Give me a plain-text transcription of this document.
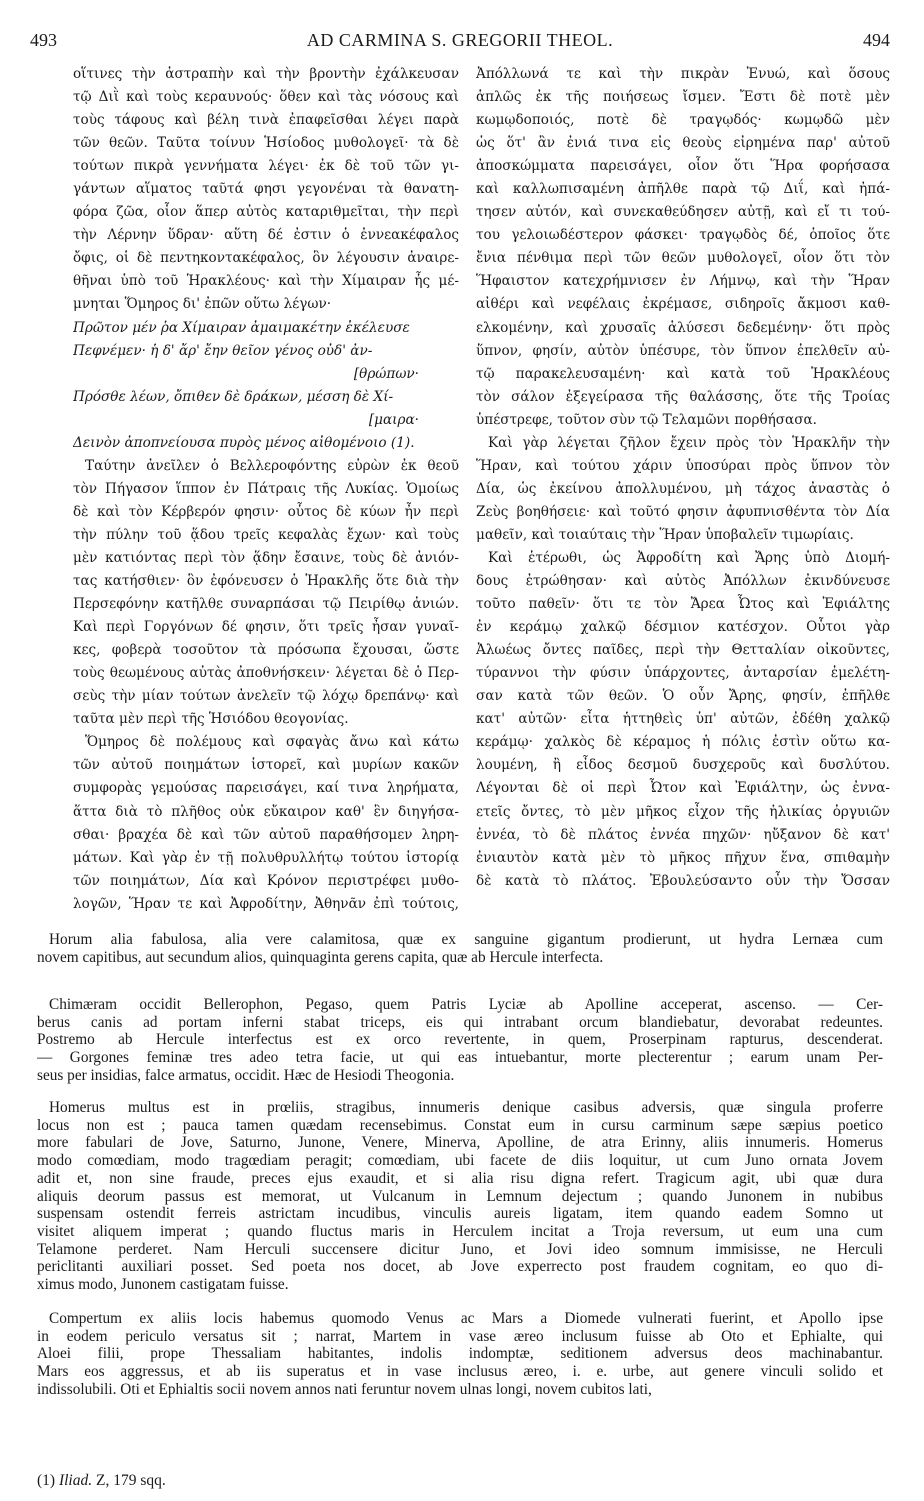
493	AD CARMINA S. GREGORII THEOL.	494
οἵτινες τὴν ἀστραπὴν καὶ τὴν βροντὴν ἐχάλκευσαν
τῷ Διῒ καὶ τοὺς κεραυνούς· ὅθεν καὶ τὰς νόσους καὶ
τοὺς τάφους καὶ βέλη τινὰ ἐπαφεῖσθαι λέγει παρὰ
τῶν θεῶν. Ταῦτα τοίνυν Ἡσίοδος μυθολογεῖ· τὰ δὲ
τούτων πικρὰ γεννήματα λέγει· ἐκ δὲ τοῦ τῶν γι-
γάντων αἵματος ταῦτά φησι γεγονέναι τὰ θανατη-
φόρα ζῶα, οἷον ἅπερ αὐτὸς καταριθμεῖται, τὴν περὶ
τὴν Λέρνην ὕδραν· αὕτη δέ ἐστιν ὁ ἐννεακέφαλος
ὄφις, οἱ δὲ πεντηκοντακέφαλος, ὃν λέγουσιν ἀναιρε-
θῆναι ὑπὸ τοῦ Ἡρακλέους· καὶ τὴν Χίμαιραν ἧς μέ-
μνηται Ὅμηρος δι' ἐπῶν οὕτω λέγων·
Πρῶτον μέν ῥα Χίμαιραν ἀμαιμακέτην ἐκέλευσε
Πεφνέμεν· ἡ δ' ἄρ' ἔην θεῖον γένος οὐδ' ἀν-
[θρώπων·
Πρόσθε λέων, ὄπιθεν δὲ δράκων, μέσση δὲ Χί-
[μαιρα·
Δεινὸν ἀποπνείουσα πυρὸς μένος αἰθομένοιο (1).
Ταύτην ἀνεῖλεν ὁ Βελλεροφόντης εὑρὼν ἐκ θεοῦ
τὸν Πήγασον ἵππον ἐν Πάτραις τῆς Λυκίας. Ὁμοίως
δὲ καὶ τὸν Κέρβερόν φησιν· οὗτος δὲ κύων ἦν περὶ
τὴν πύλην τοῦ ᾅδου τρεῖς κεφαλὰς ἔχων· καὶ τοὺς
μὲν κατιόντας περὶ τὸν ᾅδην ἔσαινε, τοὺς δὲ ἀνιόν-
τας κατήσθιεν· ὃν ἐφόνευσεν ὁ Ἡρακλῆς ὅτε διὰ τὴν
Περσεφόνην κατῆλθε συναρπάσαι τῷ Πειρίθῳ ἀνιών.
Καὶ περὶ Γοργόνων δέ φησιν, ὅτι τρεῖς ἦσαν γυναῖ-
κες, φοβερὰ τοσοῦτον τὰ πρόσωπα ἔχουσαι, ὥστε
τοὺς θεωμένους αὐτὰς ἀποθνήσκειν· λέγεται δὲ ὁ Περ-
σεὺς τὴν μίαν τούτων ἀνελεῖν τῷ λόχῳ δρεπάνῳ· καὶ
ταῦτα μὲν περὶ τῆς Ἡσιόδου θεογονίας.
Ὅμηρος δὲ πολέμους καὶ σφαγὰς ἄνω καὶ κάτω
τῶν αὐτοῦ ποιημάτων ἱστορεῖ, καὶ μυρίων κακῶν
συμφορὰς γεμούσας παρεισάγει, καί τινα ληρήματα,
ἅττα διὰ τὸ πλῆθος οὐκ εὔκαιρον καθ' ἓν διηγήσα-
σθαι· βραχέα δὲ καὶ τῶν αὐτοῦ παραθήσομεν ληρη-
μάτων. Καὶ γὰρ ἐν τῇ πολυθρυλλήτῳ τούτου ἱστορίᾳ
τῶν ποιημάτων, Δία καὶ Κρόνον περιστρέφει μυθο-
λογῶν, Ἥραν τε καὶ Ἀφροδίτην, Ἀθηνᾶν ἐπὶ τούτοις,
Ἀπόλλωνά τε καὶ τὴν πικρὰν Ἐνυώ, καὶ ὅσους
ἁπλῶς ἐκ τῆς ποιήσεως ἴσμεν. Ἔστι δὲ ποτὲ μὲν
κωμῳδοποιός, ποτὲ δὲ τραγῳδός· κωμῳδῶ μὲν
ὡς ὅτ' ἂν ἐνιά τινα εἰς θεοὺς εἰρημένα παρ' αὐτοῦ
ἀποσκώμματα παρεισάγει, οἷον ὅτι Ἥρα φορήσασα
καὶ καλλωπισαμένη ἀπῆλθε παρὰ τῷ Διΐ, καὶ ἠπά-
τησεν αὐτόν, καὶ συνεκαθεύδησεν αὐτῇ, καὶ εἴ τι τού-
του γελοιωδέστερον φάσκει· τραγῳδὸς δέ, ὁποῖος ὅτε
ἔνια πένθιμα περὶ τῶν θεῶν μυθολογεῖ, οἷον ὅτι τὸν
Ἥφαιστον κατεχρήμνισεν ἐν Λήμνῳ, καὶ τὴν Ἥραν
αἰθέρι καὶ νεφέλαις ἐκρέμασε, σιδηροῖς ἄκμοσι καθ-
ελκομένην, καὶ χρυσαῖς ἁλύσεσι δεδεμένην· ὅτι πρὸς
ὕπνον, φησίν, αὐτὸν ὑπέσυρε, τὸν ὕπνον ἐπελθεῖν αὐ-
τῷ παρακελευσαμένη· καὶ κατὰ τοῦ Ἡρακλέους
τὸν σάλον ἐξεγείρασα τῆς θαλάσσης, ὅτε τῆς Τροίας
ὑπέστρεφε, τοῦτον σὺν τῷ Τελαμῶνι πορθήσασα.
Καὶ γὰρ λέγεται ζῆλον ἔχειν πρὸς τὸν Ἡρακλῆν τὴν
Ἥραν, καὶ τούτου χάριν ὑποσύραι πρὸς ὕπνον τὸν
Δία, ὡς ἐκείνου ἀπολλυμένου, μὴ τάχος ἀναστὰς ὁ
Ζεὺς βοηθήσειε· καὶ τοῦτό φησιν ἀφυπνισθέντα τὸν Δία
μαθεῖν, καὶ τοιαύταις τὴν Ἥραν ὑποβαλεῖν τιμωρίαις.
Καὶ ἑτέρωθι, ὡς Ἀφροδίτη καὶ Ἄρης ὑπὸ Διομή-
δους ἐτρώθησαν· καὶ αὐτὸς Ἀπόλλων ἐκινδύνευσε
τοῦτο παθεῖν· ὅτι τε τὸν Ἄρεα Ὦτος καὶ Ἐφιάλτης
ἐν κεράμῳ χαλκῷ δέσμιον κατέσχον. Οὗτοι γὰρ
Ἀλωέως ὄντες παῖδες, περὶ τὴν Θετταλίαν οἰκοῦντες,
τύραννοι τὴν φύσιν ὑπάρχοντες, ἀνταρσίαν ἐμελέτη-
σαν κατὰ τῶν θεῶν. Ὁ οὖν Ἄρης, φησίν, ἐπῆλθε
κατ' αὐτῶν· εἶτα ἡττηθεὶς ὑπ' αὐτῶν, ἐδέθη χαλκῷ
κεράμῳ· χαλκὸς δὲ κέραμος ἡ πόλις ἐστὶν οὕτω κα-
λουμένη, ἢ εἶδος δεσμοῦ δυσχεροῦς καὶ δυσλύτου.
Λέγονται δὲ οἱ περὶ Ὦτον καὶ Ἐφιάλτην, ὡς ἐννα-
ετεῖς ὄντες, τὸ μὲν μῆκος εἶχον τῆς ἡλικίας ὀργυιῶν
ἐννέα, τὸ δὲ πλάτος ἐννέα πηχῶν· ηὔξανον δὲ κατ'
ἐνιαυτὸν κατὰ μὲν τὸ μῆκος πῆχυν ἕνα, σπιθαμὴν
δὲ κατὰ τὸ πλάτος. Ἐβουλεύσαντο οὖν τὴν Ὄσσαν
Horum alia fabulosa, alia vere calamitosa, quæ ex sanguine gigantum prodierunt, ut hydra Lernæa cum
novem capitibus, aut secundum alios, quinquaginta gerens capita, quæ ab Hercule interfecta.
Chimæram occidit Bellerophon, Pegaso, quem Patris Lyciæ ab Apolline acceperat, ascenso. — Cer-
berus canis ad portam inferni stabat triceps, eis qui intrabant orcum blandiebatur, devorabat redeuntes.
Postremo ab Hercule interfectus est ex orco revertente, in quem, Proserpinam rapturus, descenderat.
— Gorgones feminæ tres adeo tetra facie, ut qui eas intuebantur, morte plecterentur ; earum unam Per-
seus per insidias, falce armatus, occidit. Hæc de Hesiodi Theogonia.
Homerus multus est in prœliis, stragibus, innumeris denique casibus adversis, quæ singula proferre
locus non est ; pauca tamen quædam recensebimus. Constat eum in cursu carminum sæpe sæpius poetico
more fabulari de Jove, Saturno, Junone, Venere, Minerva, Apolline, de atra Erinny, aliis innumeris. Homerus
modo comœdiam, modo tragœdiam peragit; comœdiam, ubi facete de diis loquitur, ut cum Juno ornata Jovem
adit et, non sine fraude, preces ejus exaudit, et si alia risu digna refert. Tragicum agit, ubi quæ dura
aliquis deorum passus est memorat, ut Vulcanum in Lemnum dejectum ; quando Junonem in nubibus
suspensam ostendit ferreis astrictam incudibus, vinculis aureis ligatam, item quando eadem Somno ut
visitet aliquem imperat ; quando fluctus maris in Herculem incitat a Troja reversum, ut eum una cum
Telamone perderet. Nam Herculi succensere dicitur Juno, et Jovi ideo somnum immisisse, ne Herculi
periclitanti auxiliari posset. Sed poeta nos docet, ab Jove experrecto post fraudem cognitam, eo quo di-
ximus modo, Junonem castigatam fuisse.
Compertum ex aliis locis habemus quomodo Venus ac Mars a Diomede vulnerati fuerint, et Apollo ipse
in eodem periculo versatus sit ; narrat, Martem in vase æreo inclusum fuisse ab Oto et Ephialte, qui
Aloei filii, prope Thessaliam habitantes, indolis indomptæ, seditionem adversus deos machinabantur.
Mars eos aggressus, et ab iis superatus et in vase inclusus æreo, i. e. urbe, aut genere vinculi solido et
indissolubili. Oti et Ephialtis socii novem annos nati feruntur novem ulnas longi, novem cubitos lati,
(1) Iliad. Z, 179 sqq.
